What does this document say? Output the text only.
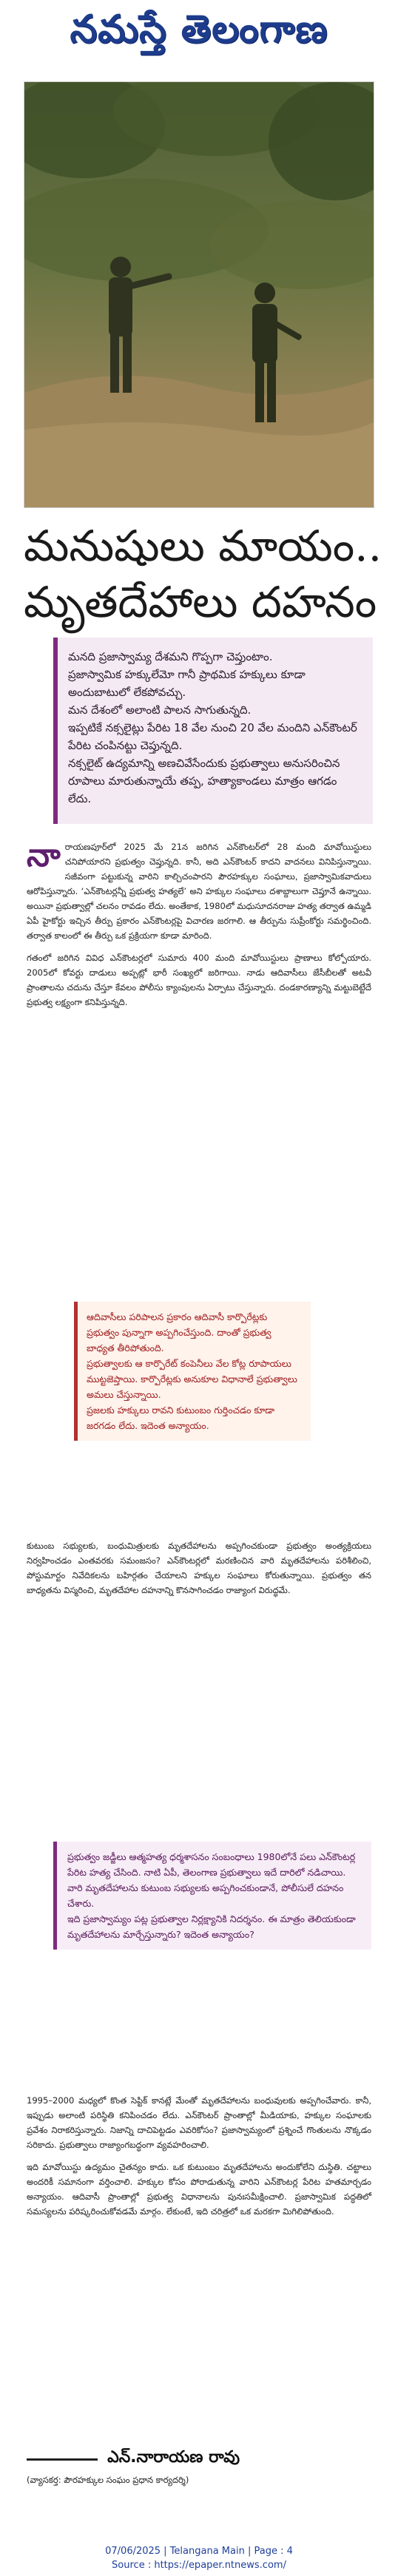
నమస్తే తెలంగాణ
మనుషులు మాయం..
మృతదేహాలు దహనం

మనది ప్రజాస్వామ్య దేశమని గొప్పగా చెప్తుంటాం.

ప్రజాస్వామిక హక్కులేమో గానీ ప్రాథమిక హక్కులు కూడా అందుబాటులో లేకపోవచ్చు.

మన దేశంలో అలాంటి పాలన సాగుతున్నది.

ఇప్పటికే నక్సలైట్లు పేరిట 18 వేల నుంచి 20 వేల మందిని ఎన్‌కౌంటర్ పేరిట చంపినట్టు చెప్తున్నది.

నక్సలైట్ ఉద్యమాన్ని అణచివేసేందుకు ప్రభుత్వాలు అనుసరించిన రూపాలు మారుతున్నాయే తప్ప, హత్యాకాండలు మాత్రం ఆగడం లేదు.

నా రాయణపూర్‌లో 2025 మే 21న జరిగిన ఎన్‌కౌంటర్‌లో 28 మంది మావోయిస్టులు చనిపోయారని ప్రభుత్వం చెప్తున్నది. కానీ, అది ఎన్‌కౌంటర్ కాదని వాదనలు వినిపిస్తున్నాయి. సజీవంగా పట్టుకున్న వారిని కాల్చిచంపారని పౌరహక్కుల సంఘాలు, ప్రజాస్వామికవాదులు ఆరోపిస్తున్నారు. ‘ఎన్‌కౌంటర్లన్నీ ప్రభుత్వ హత్యలే’ అని హక్కుల సంఘాలు దశాబ్దాలుగా చెప్తూనే ఉన్నాయి. అయినా ప్రభుత్వాల్లో చలనం రావడం లేదు. అంతేకాక, 1980లో మధుసూదనరాజు హత్య తర్వాత ఉమ్మడి ఏపీ హైకోర్టు ఇచ్చిన తీర్పు ప్రకారం ఎన్‌కౌంటర్లపై విచారణ జరగాలి. ఆ తీర్పును సుప్రీంకోర్టు సమర్థించింది. తర్వాత కాలంలో ఈ తీర్పు ఒక ప్రక్రియగా కూడా మారింది.

గతంలో జరిగిన వివిధ ఎన్‌కౌంటర్లలో సుమారు 400 మంది మావోయిస్టులు ప్రాణాలు కోల్పోయారు. 2005లో కోవర్టు దాడులు అప్పట్లో భారీ సంఖ్యలో జరిగాయి. నాడు ఆదివాసీలు జేసీబీలతో అటవీ ప్రాంతాలను చదును చేస్తూ కేవలం పోలీసు క్యాంపులను ఏర్పాటు చేస్తున్నారు. దండకారణ్యాన్ని మట్టుబెట్టేదే ప్రభుత్వ లక్ష్యంగా కనిపిస్తున్నది.

ఆదివాసీలు పరిపాలన ప్రకారం ఆదివాసీ కార్పొరేట్లకు ప్రభుత్వం పున్నాగా అప్పగించేస్తుంది. దాంతో ప్రభుత్వ బాధ్యత తీరిపోతుంది.

ప్రభుత్వాలకు ఆ కార్పొరేట్ కంపెనీలు వేల కోట్ల రూపాయలు ముట్టజెప్తాయి. కార్పొరేట్లకు అనుకూల విధానాలే ప్రభుత్వాలు అమలు చేస్తున్నాయి.

ప్రజలకు హక్కులు రావని కుటుంబం గుర్తించడం కూడా జరగడం లేదు. ఇదెంత అన్యాయం.

కుటుంబ సభ్యులకు, బంధుమిత్రులకు మృతదేహాలను అప్పగించకుండా ప్రభుత్వం అంత్యక్రియలు నిర్వహించడం ఎంతవరకు సమంజసం? ఎన్‌కౌంటర్లలో మరణించిన వారి మృతదేహాలను పరిశీలించి, పోస్టుమార్టం నివేదికలను బహిర్గతం చేయాలని హక్కుల సంఘాలు కోరుతున్నాయి. ప్రభుత్వం తన బాధ్యతను విస్మరించి, మృతదేహాల దహనాన్ని కొనసాగించడం రాజ్యాంగ విరుద్ధమే.

ప్రభుత్వం జడ్జీలు ఆత్మహత్య ధర్మశాసనం సంబంధాలు 1980లోనే పలు ఎన్‌కౌంటర్ల పేరిట హత్య చేసింది. నాటి ఏపీ, తెలంగాణ ప్రభుత్వాలు ఇదే దారిలో నడిచాయి. వారి మృతదేహాలను కుటుంబ సభ్యులకు అప్పగించకుండానే, పోలీసులే దహనం చేశారు.

ఇది ప్రజాస్వామ్యం పట్ల ప్రభుత్వాల నిర్లక్ష్యానికి నిదర్శనం. ఈ మాత్రం తెలియకుండా మృతదేహాలను మార్చేస్తున్నారు? ఇదెంత అన్యాయం?

1995–2000 మధ్యలో కొంత సెప్టిక్ కానట్లే మేంతో మృతదేహాలను బంధువులకు అప్పగించేవారు. కానీ, ఇప్పుడు అలాంటి పరిస్థితి కనిపించడం లేదు. ఎన్‌కౌంటర్ ప్రాంతాల్లో మీడియాకు, హక్కుల సంఘాలకు ప్రవేశం నిరాకరిస్తున్నారు. నిజాన్ని దాచిపెట్టడం ఎవరికోసం? ప్రజాస్వామ్యంలో ప్రశ్నించే గొంతులను నొక్కడం సరికాదు. ప్రభుత్వాలు రాజ్యాంగబద్ధంగా వ్యవహరించాలి.

ఇది మావోయిస్టు ఉద్యమం చైతన్యం కాదు. ఒక కుటుంబం మృతదేహాలను అందుకోలేని దుస్థితి. చట్టాలు అందరికీ సమానంగా వర్తించాలి. హక్కుల కోసం పోరాడుతున్న వారిని ఎన్‌కౌంటర్ల పేరిట హతమార్చడం అన్యాయం. ఆదివాసీ ప్రాంతాల్లో ప్రభుత్వ విధానాలను పునఃసమీక్షించాలి. ప్రజాస్వామిక పద్ధతిలో సమస్యలను పరిష్కరించుకోవడమే మార్గం. లేకుంటే, ఇది చరిత్రలో ఒక మరకగా మిగిలిపోతుంది.

ఎన్.నారాయణ రావు
(వ్యాసకర్త: పౌరహక్కుల సంఘం ప్రధాన కార్యదర్శి)
07/06/2025 | Telangana Main | Page : 4
Source : https://epaper.ntnews.com/
